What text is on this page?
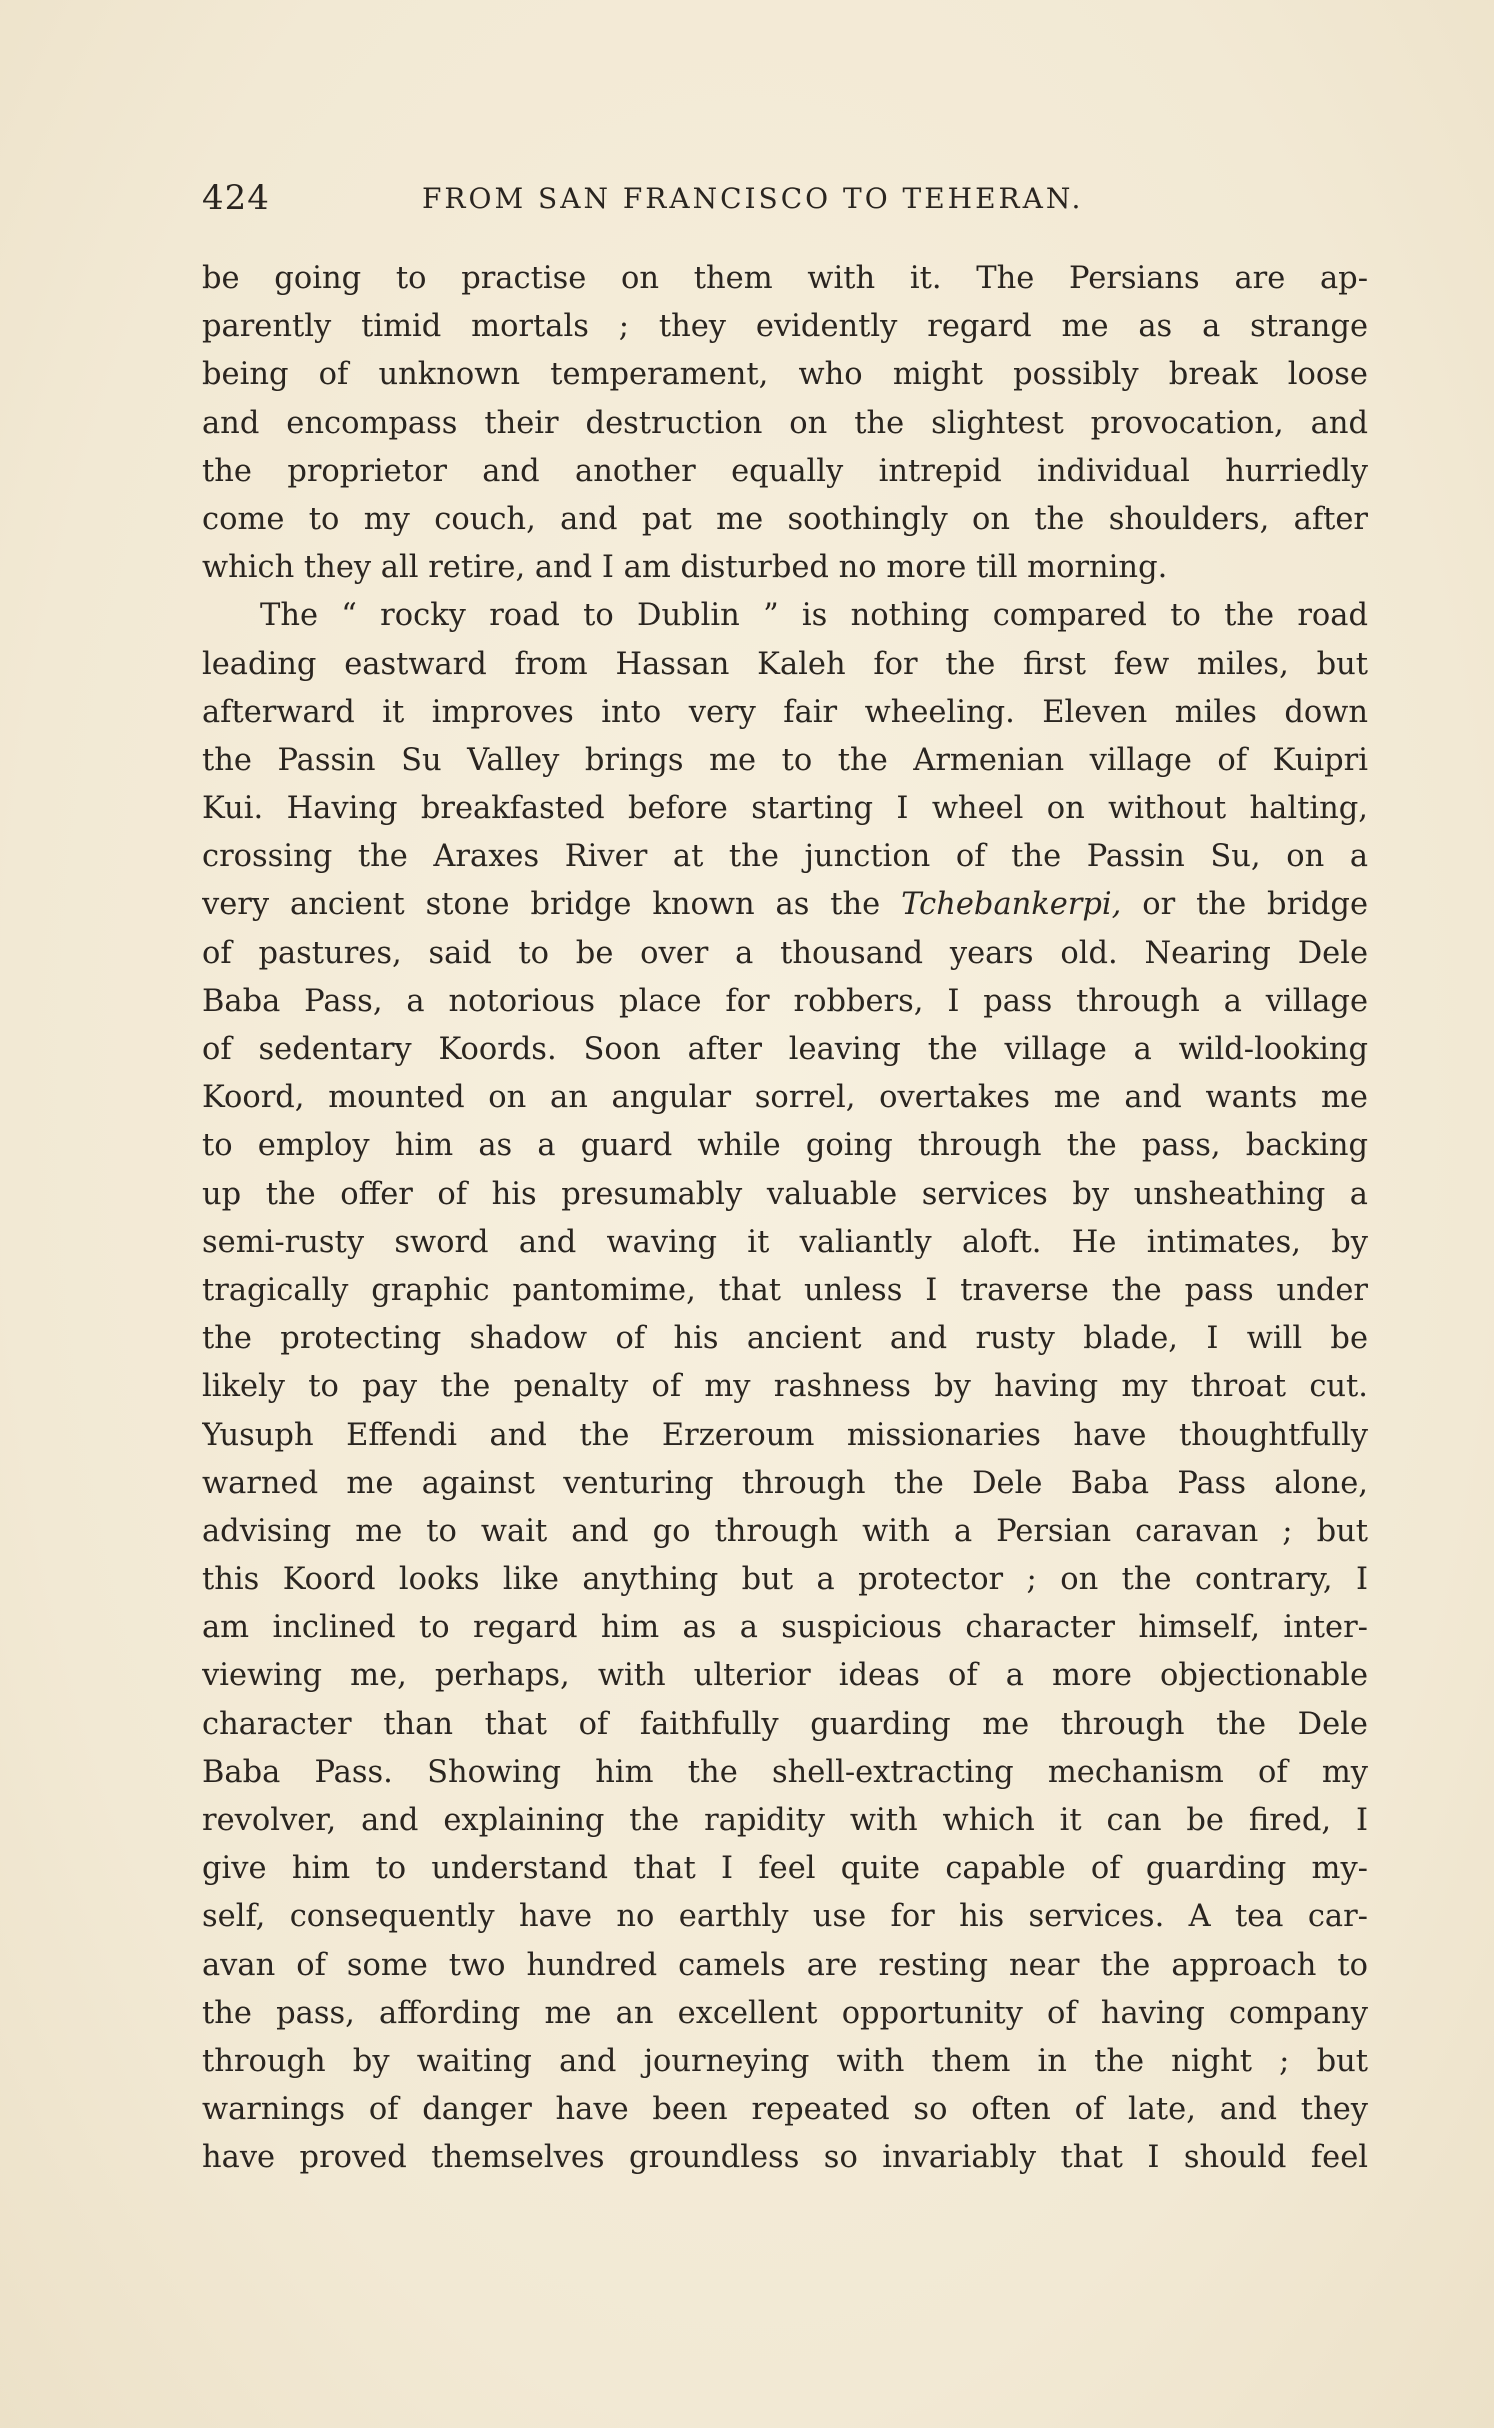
424	FROM SAN FRANCISCO TO TEHERAN.
be going to practise on them with it. The Persians are ap-
parently timid mortals ; they evidently regard me as a strange
being of unknown temperament, who might possibly break loose
and encompass their destruction on the slightest provocation, and
the proprietor and another equally intrepid individual hurriedly
come to my couch, and pat me soothingly on the shoulders, after
which they all retire, and I am disturbed no more till morning.
The “ rocky road to Dublin ” is nothing compared to the road
leading eastward from Hassan Kaleh for the first few miles, but
afterward it improves into very fair wheeling. Eleven miles down
the Passin Su Valley brings me to the Armenian village of Kuipri
Kui. Having breakfasted before starting I wheel on without halting,
crossing the Araxes River at the junction of the Passin Su, on a
very ancient stone bridge known as the Tchebankerpi, or the bridge
of pastures, said to be over a thousand years old. Nearing Dele
Baba Pass, a notorious place for robbers, I pass through a village
of sedentary Koords. Soon after leaving the village a wild-looking
Koord, mounted on an angular sorrel, overtakes me and wants me
to employ him as a guard while going through the pass, backing
up the offer of his presumably valuable services by unsheathing a
semi-rusty sword and waving it valiantly aloft. He intimates, by
tragically graphic pantomime, that unless I traverse the pass under
the protecting shadow of his ancient and rusty blade, I will be
likely to pay the penalty of my rashness by having my throat cut.
Yusuph Effendi and the Erzeroum missionaries have thoughtfully
warned me against venturing through the Dele Baba Pass alone,
advising me to wait and go through with a Persian caravan ; but
this Koord looks like anything but a protector ; on the contrary, I
am inclined to regard him as a suspicious character himself, inter-
viewing me, perhaps, with ulterior ideas of a more objectionable
character than that of faithfully guarding me through the Dele
Baba Pass. Showing him the shell-extracting mechanism of my
revolver, and explaining the rapidity with which it can be fired, I
give him to understand that I feel quite capable of guarding my-
self, consequently have no earthly use for his services. A tea car-
avan of some two hundred camels are resting near the approach to
the pass, affording me an excellent opportunity of having company
through by waiting and journeying with them in the night ; but
warnings of danger have been repeated so often of late, and they
have proved themselves groundless so invariably that I should feel
